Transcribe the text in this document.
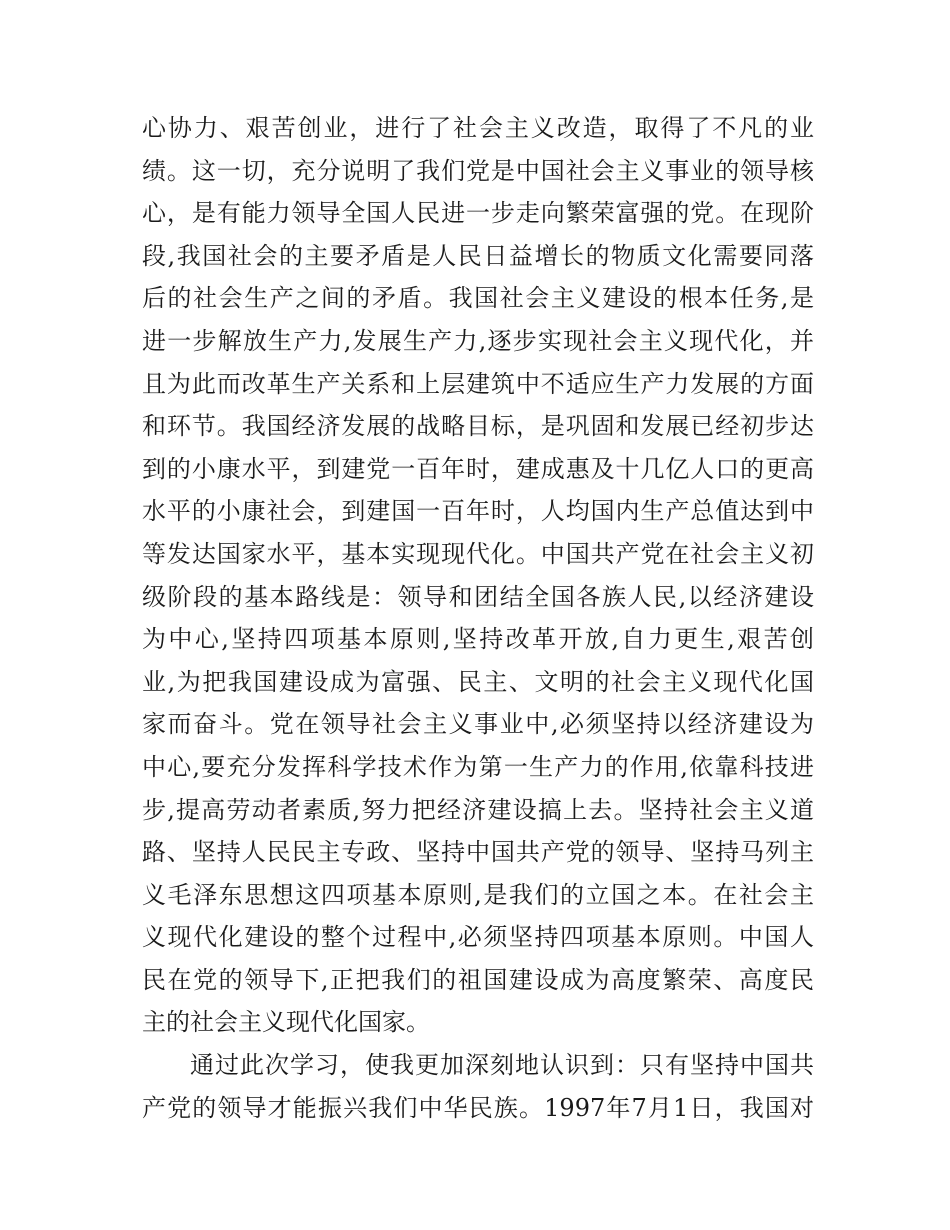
心协力、艰苦创业，进行了社会主义改造，取得了不凡的业
绩。这一切，充分说明了我们党是中国社会主义事业的领导核
心，是有能力领导全国人民进一步走向繁荣富强的党。在现阶
段,我国社会的主要矛盾是人民日益增长的物质文化需要同落
后的社会生产之间的矛盾。我国社会主义建设的根本任务,是
进一步解放生产力,发展生产力,逐步实现社会主义现代化，并
且为此而改革生产关系和上层建筑中不适应生产力发展的方面
和环节。我国经济发展的战略目标，是巩固和发展已经初步达
到的小康水平，到建党一百年时，建成惠及十几亿人口的更高
水平的小康社会，到建国一百年时，人均国内生产总值达到中
等发达国家水平，基本实现现代化。中国共产党在社会主义初
级阶段的基本路线是：领导和团结全国各族人民,以经济建设
为中心,坚持四项基本原则,坚持改革开放,自力更生,艰苦创
业,为把我国建设成为富强、民主、文明的社会主义现代化国
家而奋斗。党在领导社会主义事业中,必须坚持以经济建设为
中心,要充分发挥科学技术作为第一生产力的作用,依靠科技进
步,提高劳动者素质,努力把经济建设搞上去。坚持社会主义道
路、坚持人民民主专政、坚持中国共产党的领导、坚持马列主
义毛泽东思想这四项基本原则,是我们的立国之本。在社会主
义现代化建设的整个过程中,必须坚持四项基本原则。中国人
民在党的领导下,正把我们的祖国建设成为高度繁荣、高度民
主的社会主义现代化国家。
通过此次学习，使我更加深刻地认识到：只有坚持中国共
产党的领导才能振兴我们中华民族。1997年7月1日，我国对
